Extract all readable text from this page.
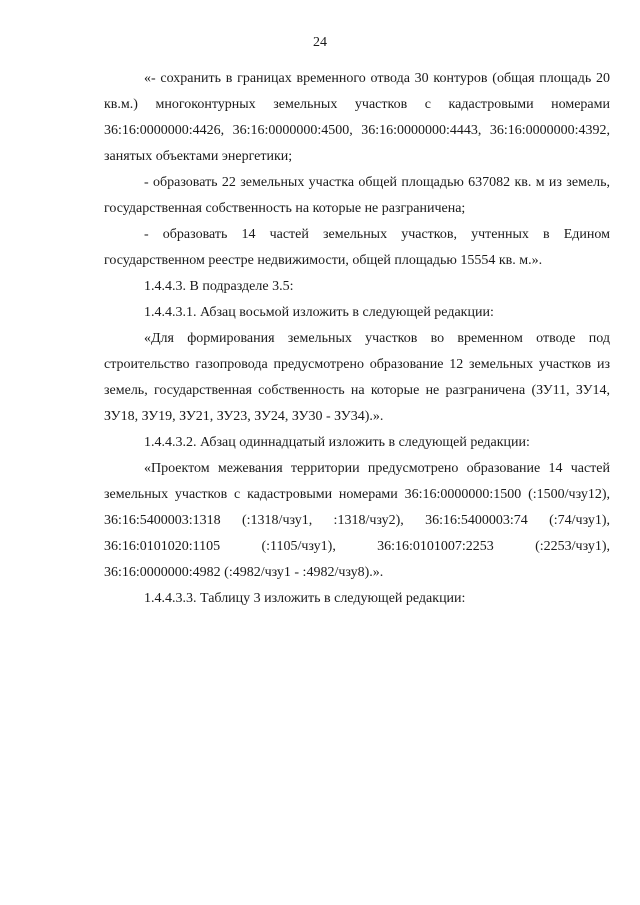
24

«- сохранить в границах временного отвода 30 контуров (общая площадь 20 кв.м.) многоконтурных земельных участков с кадастровыми номерами 36:16:0000000:4426, 36:16:0000000:4500, 36:16:0000000:4443, 36:16:0000000:4392, занятых объектами энергетики;

- образовать 22 земельных участка общей площадью 637082 кв. м из земель, государственная собственность на которые не разграничена;

- образовать 14 частей земельных участков, учтенных в Едином государственном реестре недвижимости, общей площадью 15554 кв. м.».

1.4.4.3. В подразделе 3.5:

1.4.4.3.1. Абзац восьмой изложить в следующей редакции:

«Для формирования земельных участков во временном отводе под строительство газопровода предусмотрено образование 12 земельных участков из земель, государственная собственность на которые не разграничена (ЗУ11, ЗУ14, ЗУ18, ЗУ19, ЗУ21, ЗУ23, ЗУ24, ЗУ30 - ЗУ34).».

1.4.4.3.2. Абзац одиннадцатый изложить в следующей редакции:

«Проектом межевания территории предусмотрено образование 14 частей земельных участков с кадастровыми номерами 36:16:0000000:1500 (:1500/чзу12), 36:16:5400003:1318 (:1318/чзу1, :1318/чзу2), 36:16:5400003:74 (:74/чзу1), 36:16:0101020:1105 (:1105/чзу1), 36:16:0101007:2253 (:2253/чзу1), 36:16:0000000:4982 (:4982/чзу1 - :4982/чзу8).».

1.4.4.3.3. Таблицу 3 изложить в следующей редакции:
